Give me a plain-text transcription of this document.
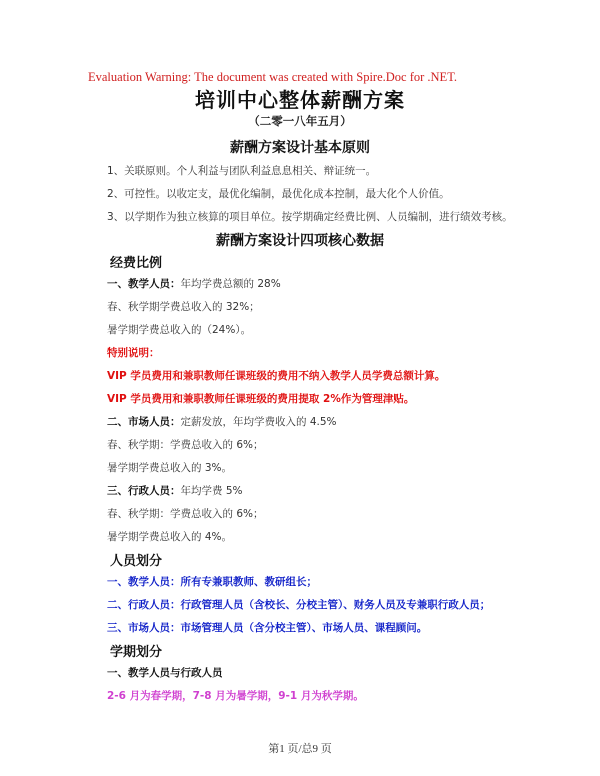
Evaluation Warning: The document was created with Spire.Doc for .NET.
培训中心整体薪酬方案
（二零一八年五月）
薪酬方案设计基本原则
1、关联原则。个人利益与团队利益息息相关、辩证统一。
2、可控性。以收定支，最优化编制，最优化成本控制，最大化个人价值。
3、以学期作为独立核算的项目单位。按学期确定经费比例、人员编制，进行绩效考核。
薪酬方案设计四项核心数据
经费比例
一、教学人员：年均学费总额的 28%
春、秋学期学费总收入的 32%；
暑学期学费总收入的（24%）。
特别说明：
VIP 学员费用和兼职教师任课班级的费用不纳入教学人员学费总额计算。
VIP 学员费用和兼职教师任课班级的费用提取 2%作为管理津贴。
二、市场人员：定薪发放，年均学费收入的 4.5%
春、秋学期：学费总收入的 6%；
暑学期学费总收入的 3%。
三、行政人员：年均学费 5%
春、秋学期：学费总收入的 6%；
暑学期学费总收入的 4%。
人员划分
一、教学人员：所有专兼职教师、教研组长；
二、行政人员：行政管理人员（含校长、分校主管）、财务人员及专兼职行政人员；
三、市场人员：市场管理人员（含分校主管）、市场人员、课程顾问。
学期划分
一、教学人员与行政人员
2-6 月为春学期，7-8 月为暑学期，9-1 月为秋学期。
第1 页/总9 页
